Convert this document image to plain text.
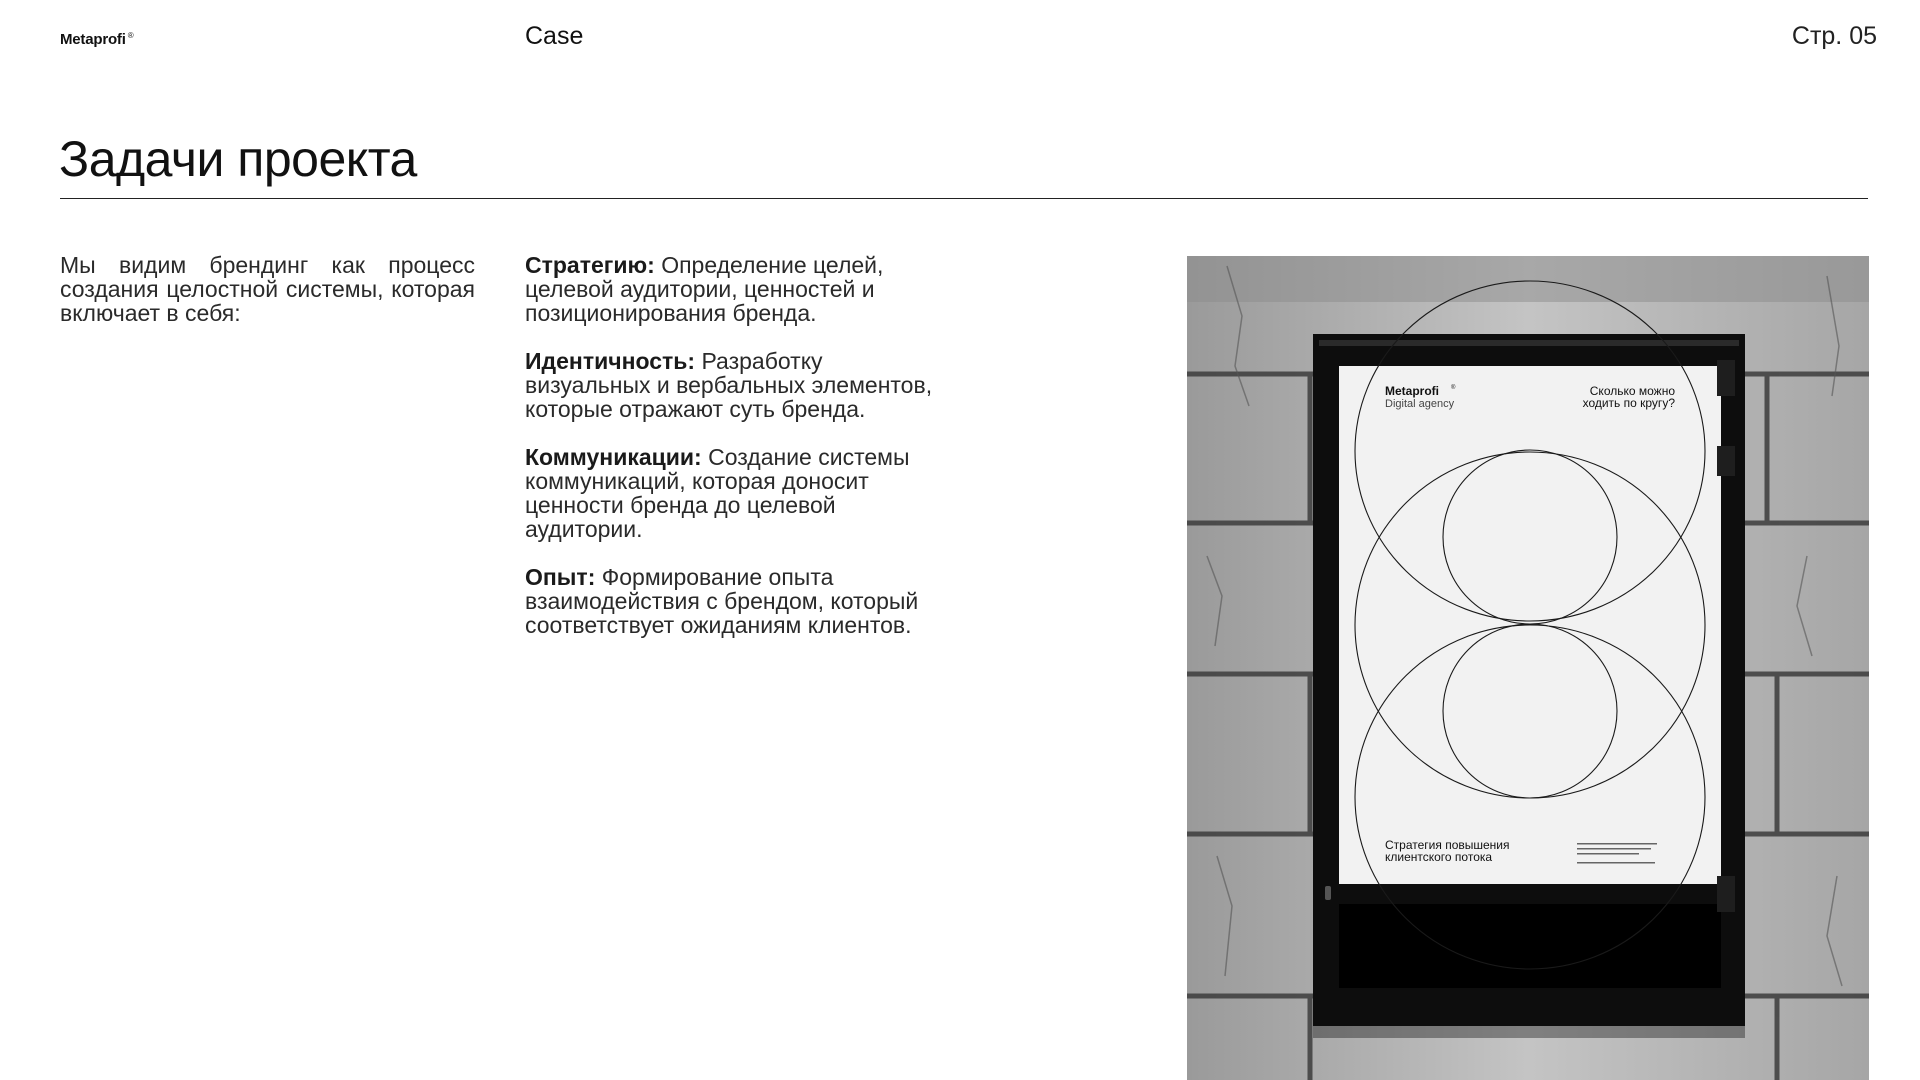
Metaprofi ®	Case	Стр. 05
Задачи проекта

Мы видим брендинг как процесс создания целостной системы, которая включает в себя:

Стратегию: Определение целей, целевой аудитории, ценностей и позиционирования бренда.

Идентичность: Разработку визуальных и вербальных элементов, которые отражают суть бренда.

Коммуникации: Создание системы коммуникаций, которая доносит ценности бренда до целевой аудитории.

Опыт: Формирование опыта взаимодействия с брендом, который соответствует ожиданиям клиентов.

Metaprofi ®
Digital agency
Сколько можно
ходить по кругу?
Стратегия повышения
клиентского потока
